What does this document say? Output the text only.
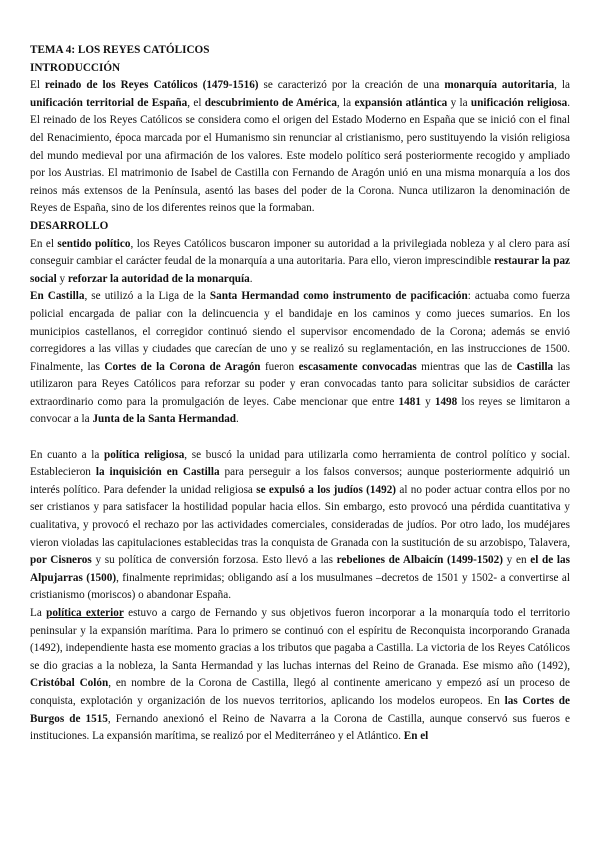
TEMA 4: LOS REYES CATÓLICOS

INTRODUCCIÓN

El reinado de los Reyes Católicos (1479-1516) se caracterizó por la creación de una monarquía autoritaria, la unificación territorial de España, el descubrimiento de América, la expansión atlántica y la unificación religiosa. El reinado de los Reyes Católicos se considera como el origen del Estado Moderno en España que se inició con el final del Renacimiento, época marcada por el Humanismo sin renunciar al cristianismo, pero sustituyendo la visión religiosa del mundo medieval por una afirmación de los valores. Este modelo político será posteriormente recogido y ampliado por los Austrias. El matrimonio de Isabel de Castilla con Fernando de Aragón unió en una misma monarquía a los dos reinos más extensos de la Península, asentó las bases del poder de la Corona. Nunca utilizaron la denominación de Reyes de España, sino de los diferentes reinos que la formaban.

DESARROLLO

En el sentido político, los Reyes Católicos buscaron imponer su autoridad a la privilegiada nobleza y al clero para así conseguir cambiar el carácter feudal de la monarquía a una autoritaria. Para ello, vieron imprescindible restaurar la paz social y reforzar la autoridad de la monarquía.

En Castilla, se utilizó a la Liga de la Santa Hermandad como instrumento de pacificación: actuaba como fuerza policial encargada de paliar con la delincuencia y el bandidaje en los caminos y como jueces sumarios. En los municipios castellanos, el corregidor continuó siendo el supervisor encomendado de la Corona; además se envió corregidores a las villas y ciudades que carecían de uno y se realizó su reglamentación, en las instrucciones de 1500. Finalmente, las Cortes de la Corona de Aragón fueron escasamente convocadas mientras que las de Castilla las utilizaron para Reyes Católicos para reforzar su poder y eran convocadas tanto para solicitar subsidios de carácter extraordinario como para la promulgación de leyes. Cabe mencionar que entre 1481 y 1498 los reyes se limitaron a convocar a la Junta de la Santa Hermandad.

En cuanto a la política religiosa, se buscó la unidad para utilizarla como herramienta de control político y social. Establecieron la inquisición en Castilla para perseguir a los falsos conversos; aunque posteriormente adquirió un interés político. Para defender la unidad religiosa se expulsó a los judíos (1492) al no poder actuar contra ellos por no ser cristianos y para satisfacer la hostilidad popular hacia ellos. Sin embargo, esto provocó una pérdida cuantitativa y cualitativa, y provocó el rechazo por las actividades comerciales, consideradas de judíos. Por otro lado, los mudéjares vieron violadas las capitulaciones establecidas tras la conquista de Granada con la sustitución de su arzobispo, Talavera, por Cisneros y su política de conversión forzosa. Esto llevó a las rebeliones de Albaicín (1499-1502) y en el de las Alpujarras (1500), finalmente reprimidas; obligando así a los musulmanes –decretos de 1501 y 1502- a convertirse al cristianismo (moriscos) o abandonar España.

La política exterior estuvo a cargo de Fernando y sus objetivos fueron incorporar a la monarquía todo el territorio peninsular y la expansión marítima. Para lo primero se continuó con el espíritu de Reconquista incorporando Granada (1492), independiente hasta ese momento gracias a los tributos que pagaba a Castilla. La victoria de los Reyes Católicos se dio gracias a la nobleza, la Santa Hermandad y las luchas internas del Reino de Granada. Ese mismo año (1492), Cristóbal Colón, en nombre de la Corona de Castilla, llegó al continente americano y empezó así un proceso de conquista, explotación y organización de los nuevos territorios, aplicando los modelos europeos. En las Cortes de Burgos de 1515, Fernando anexionó el Reino de Navarra a la Corona de Castilla, aunque conservó sus fueros e instituciones. La expansión marítima, se realizó por el Mediterráneo y el Atlántico. En el
